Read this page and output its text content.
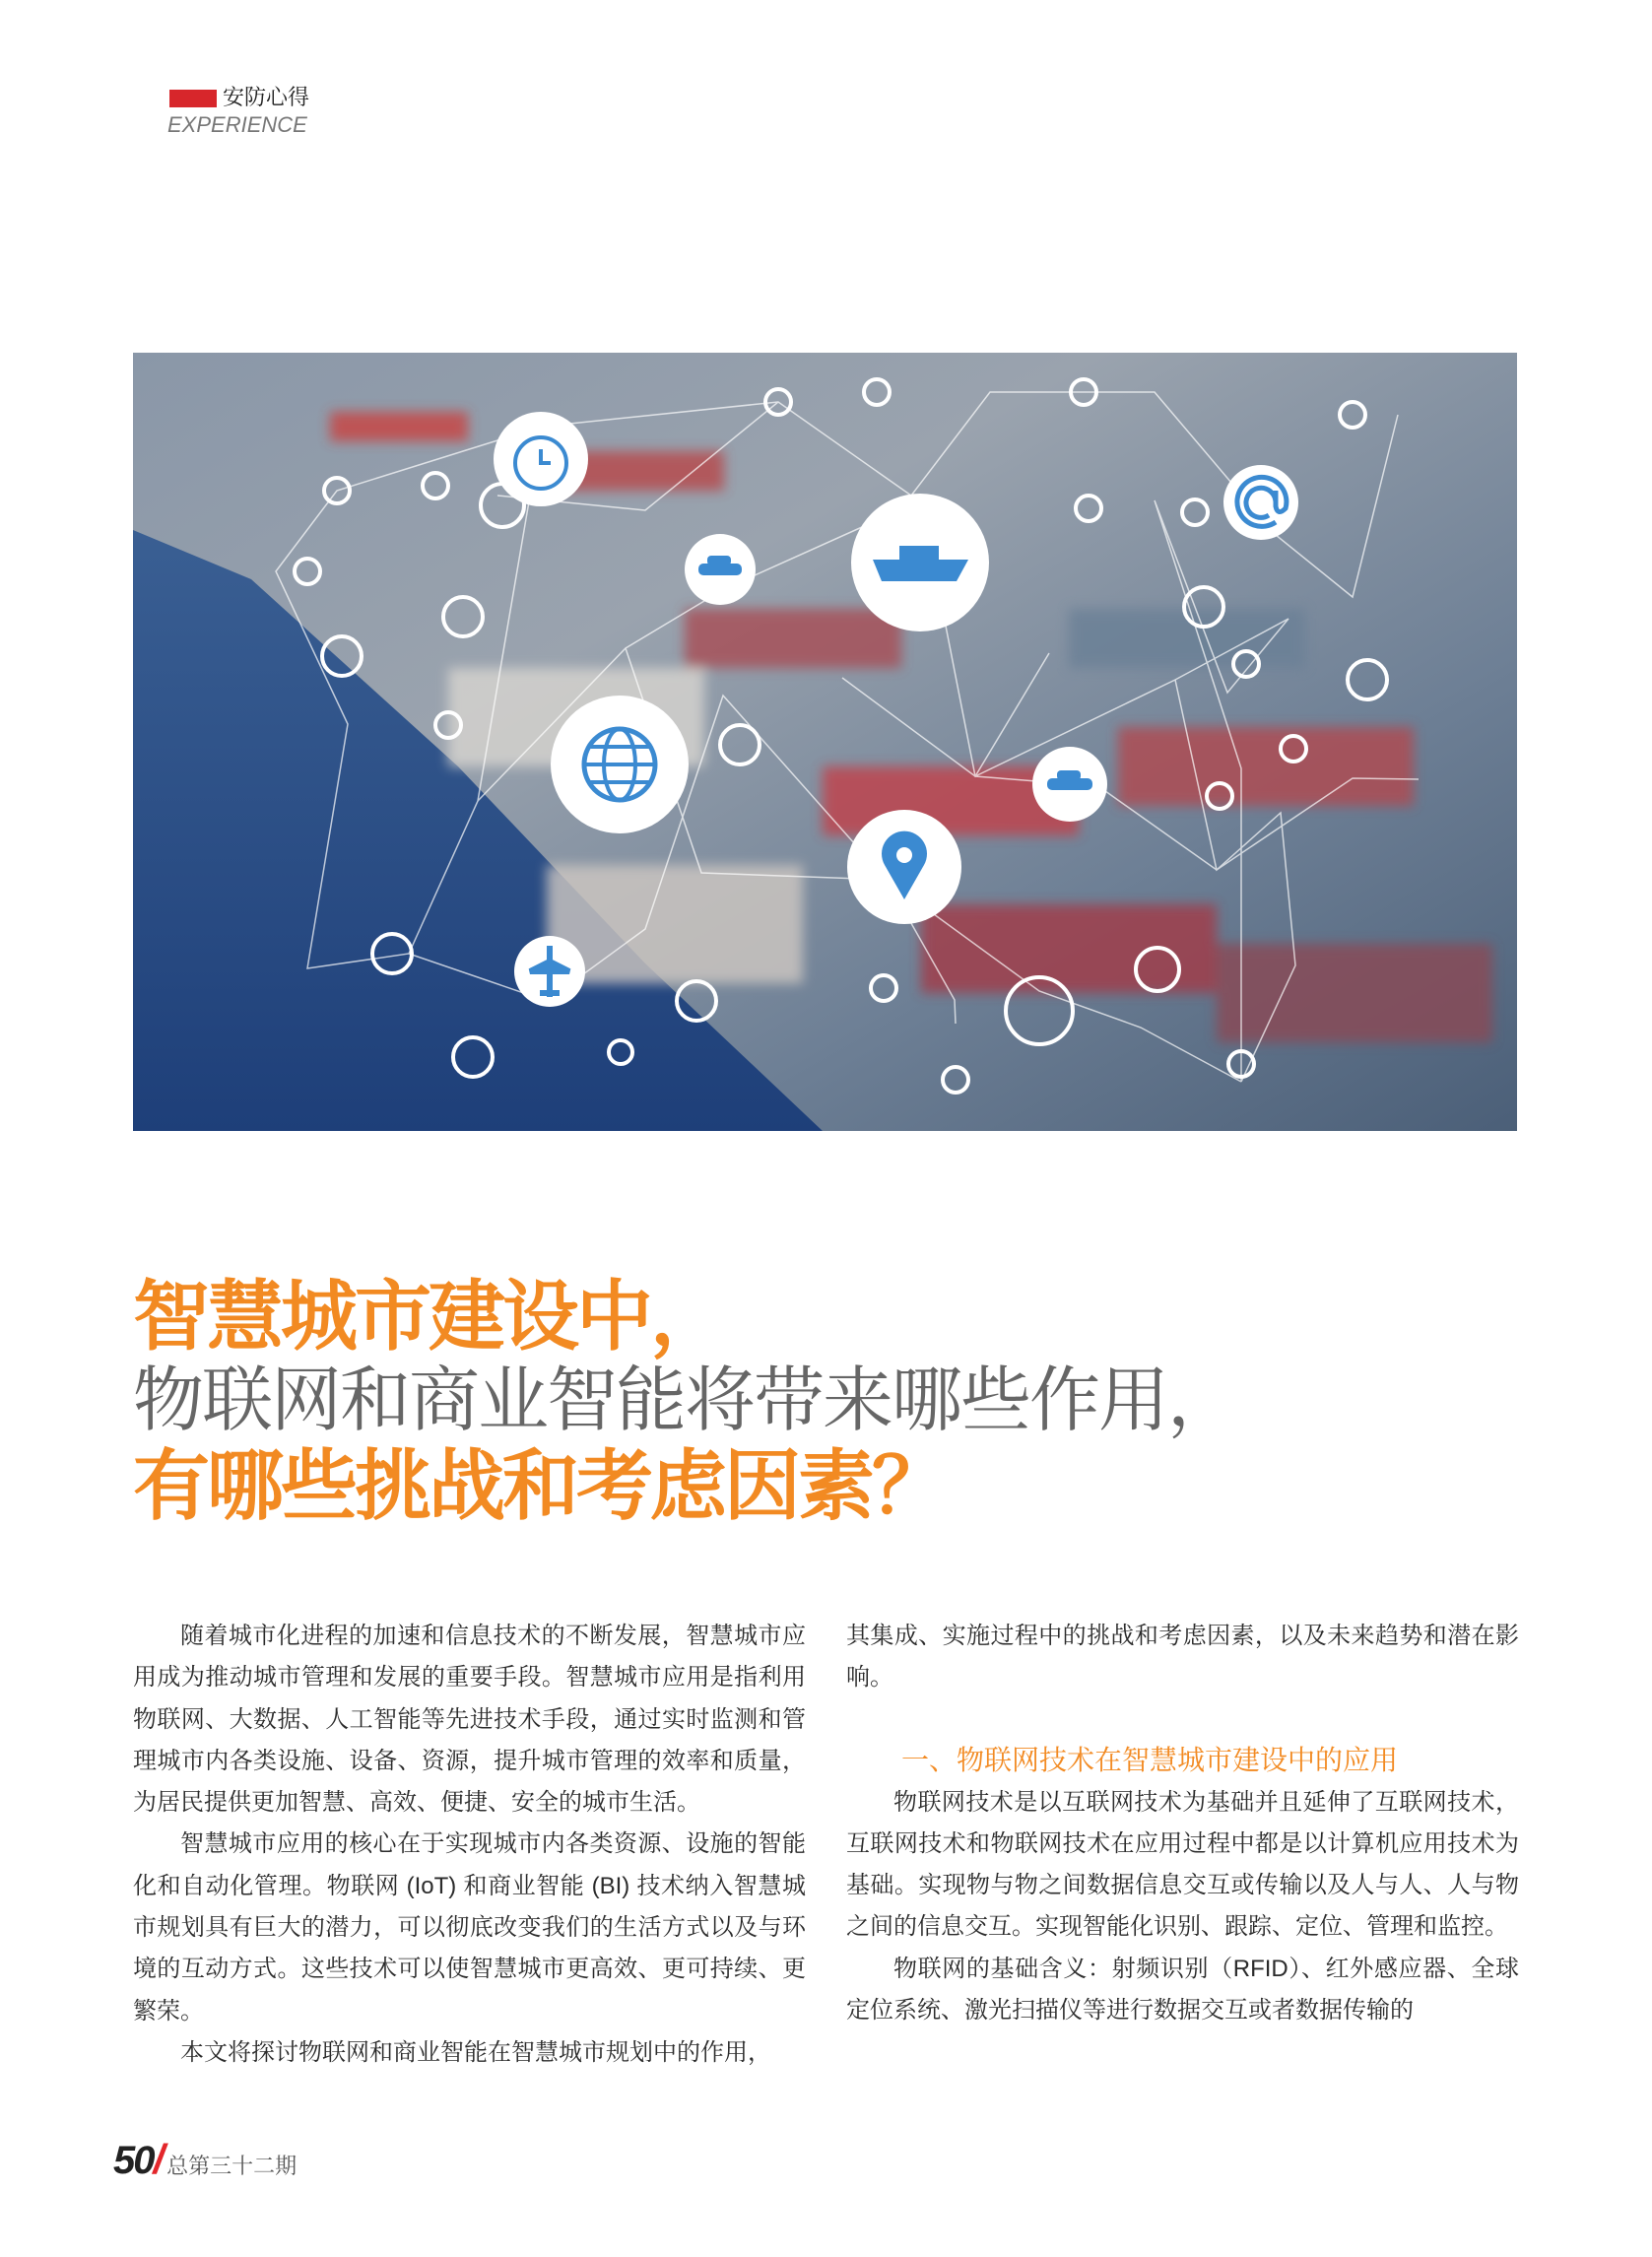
安防心得
EXPERIENCE
智慧城市建设中，
物联网和商业智能将带来哪些作用，
有哪些挑战和考虑因素？

随着城市化进程的加速和信息技术的不断发展，智慧城市应用成为推动城市管理和发展的重要手段。智慧城市应用是指利用物联网、大数据、人工智能等先进技术手段，通过实时监测和管理城市内各类设施、设备、资源，提升城市管理的效率和质量，为居民提供更加智慧、高效、便捷、安全的城市生活。

智慧城市应用的核心在于实现城市内各类资源、设施的智能化和自动化管理。物联网 (IoT) 和商业智能 (BI) 技术纳入智慧城市规划具有巨大的潜力，可以彻底改变我们的生活方式以及与环境的互动方式。这些技术可以使智慧城市更高效、更可持续、更繁荣。

本文将探讨物联网和商业智能在智慧城市规划中的作用，

其集成、实施过程中的挑战和考虑因素，以及未来趋势和潜在影响。

一、物联网技术在智慧城市建设中的应用

物联网技术是以互联网技术为基础并且延伸了互联网技术，互联网技术和物联网技术在应用过程中都是以计算机应用技术为基础。实现物与物之间数据信息交互或传输以及人与人、人与物之间的信息交互。实现智能化识别、跟踪、定位、管理和监控。

物联网的基础含义：射频识别（RFID）、红外感应器、全球定位系统、激光扫描仪等进行数据交互或者数据传输的

50/总第三十二期
